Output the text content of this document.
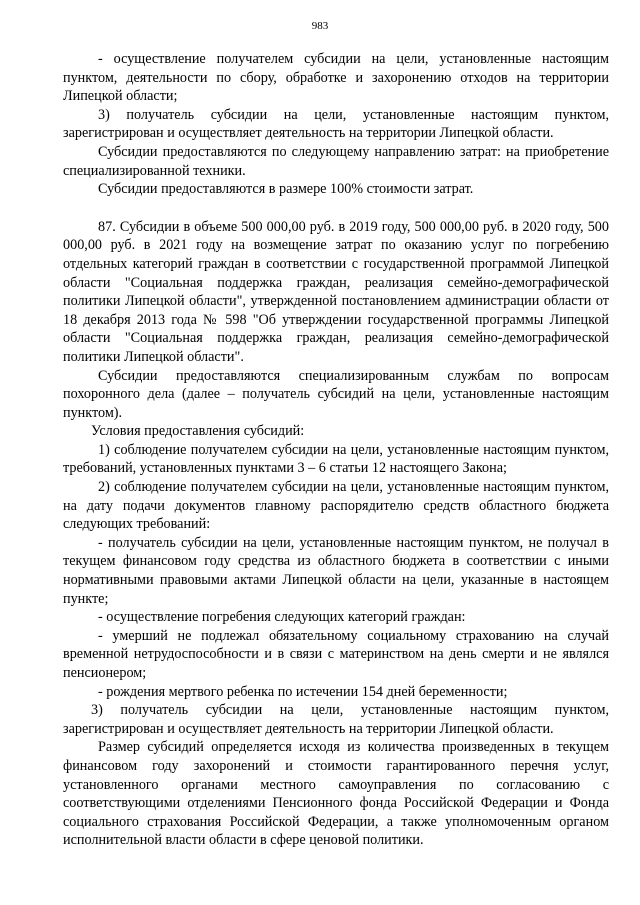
983

- осуществление получателем субсидии на цели, установленные настоящим пунктом, деятельности по сбору, обработке и захоронению отходов на территории Липецкой области;

3) получатель субсидии на цели, установленные настоящим пунктом, зарегистрирован и осуществляет деятельность на территории Липецкой области.

Субсидии предоставляются по следующему направлению затрат: на приобретение специализированной техники.

Субсидии предоставляются в размере 100% стоимости затрат.

87. Субсидии в объеме 500 000,00 руб. в 2019 году, 500 000,00 руб. в 2020 году, 500 000,00 руб. в 2021 году на возмещение затрат по оказанию услуг по погребению отдельных категорий граждан в соответствии с государственной программой Липецкой области "Социальная поддержка граждан, реализация семейно-демографической политики Липецкой области", утвержденной постановлением администрации области от 18 декабря 2013 года № 598 "Об утверждении государственной программы Липецкой области "Социальная поддержка граждан, реализация семейно-демографической политики Липецкой области".

Субсидии предоставляются специализированным службам по вопросам похоронного дела (далее – получатель субсидий на цели, установленные настоящим пунктом).

Условия предоставления субсидий:

1) соблюдение получателем субсидии на цели, установленные настоящим пунктом, требований, установленных пунктами 3 – 6 статьи 12 настоящего Закона;

2) соблюдение получателем субсидии на цели, установленные настоящим пунктом, на дату подачи документов главному распорядителю средств областного бюджета следующих требований:

- получатель субсидии на цели, установленные настоящим пунктом, не получал в текущем финансовом году средства из областного бюджета в соответствии с иными нормативными правовыми актами Липецкой области на цели, указанные в настоящем пункте;

- осуществление погребения следующих категорий граждан:

- умерший не подлежал обязательному социальному страхованию на случай временной нетрудоспособности и в связи с материнством на день смерти и не являлся пенсионером;

- рождения мертвого ребенка по истечении 154 дней беременности;

3) получатель субсидии на цели, установленные настоящим пунктом, зарегистрирован и осуществляет деятельность на территории Липецкой области.

Размер субсидий определяется исходя из количества произведенных в текущем финансовом году захоронений и стоимости гарантированного перечня услуг, установленного органами местного самоуправления по согласованию с соответствующими отделениями Пенсионного фонда Российской Федерации и Фонда социального страхования Российской Федерации, а также уполномоченным органом исполнительной власти области в сфере ценовой политики.
